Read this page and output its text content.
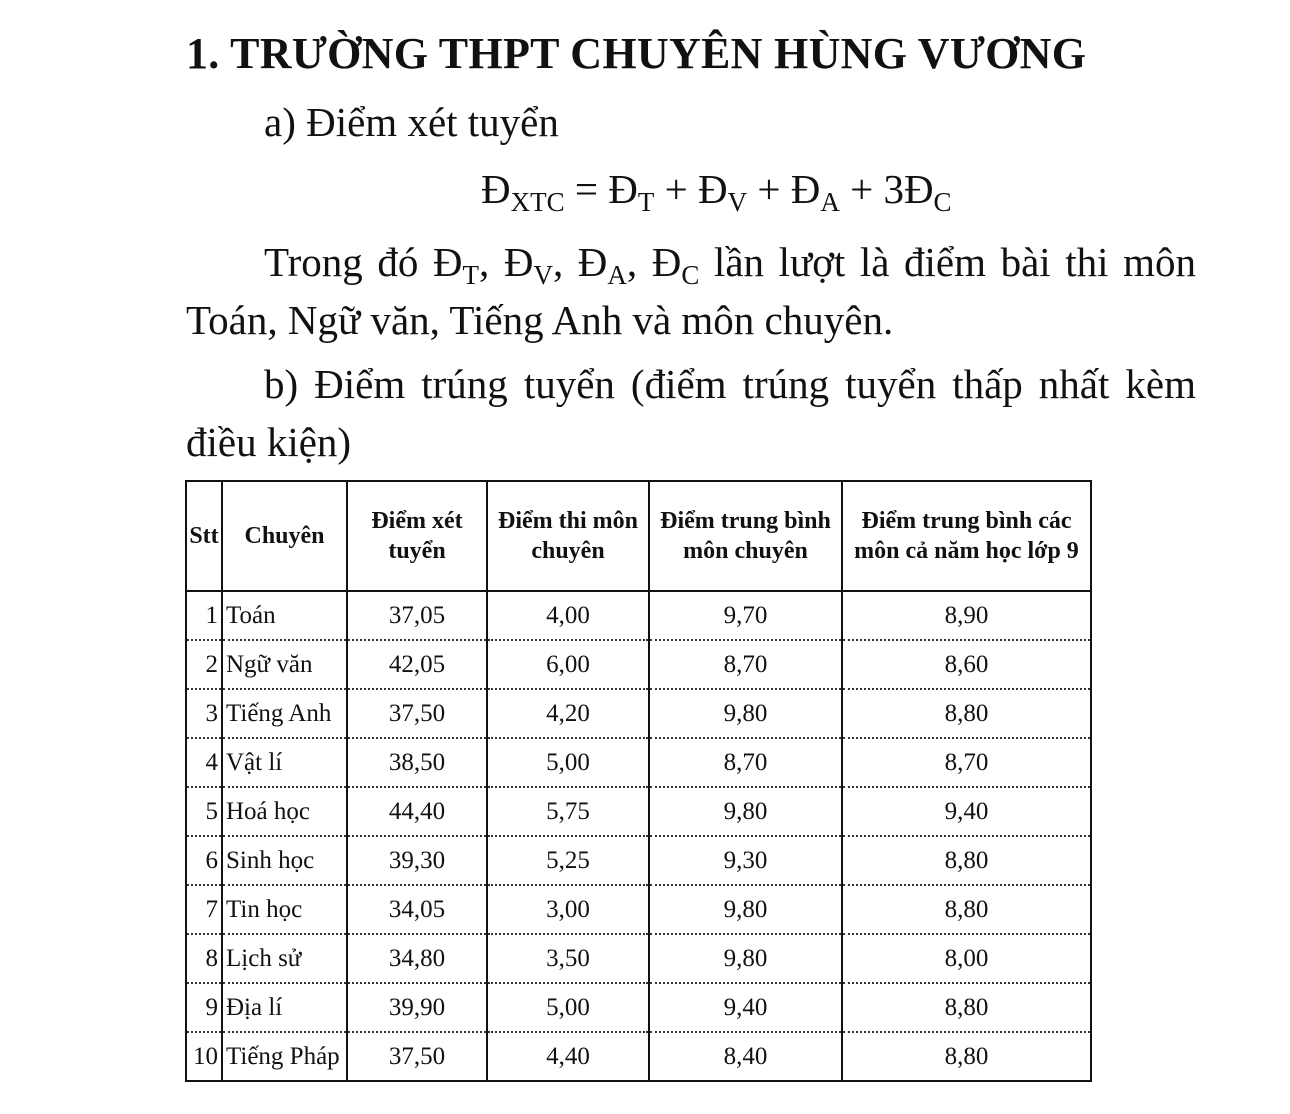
1. TRƯỜNG THPT CHUYÊN HÙNG VƯƠNG
a) Điểm xét tuyển
$Đ_{XTC}$ = $Đ_T$ + $Đ_V$ + $Đ_A$ + $3Đ_C$
Trong đó $Đ_T$, $Đ_V$, $Đ_A$, $Đ_C$ lần lượt là điểm bài thi môn Toán, Ngữ văn, Tiếng Anh và môn chuyên.
b) Điểm trúng tuyển (điểm trúng tuyển thấp nhất kèm điều kiện)
Stt	Chuyên	Điểm xét tuyển	Điểm thi môn chuyên	Điểm trung bình môn chuyên	Điểm trung bình các môn cả năm học lớp 9
1	Toán	37,05	4,00	9,70	8,90
2	Ngữ văn	42,05	6,00	8,70	8,60
3	Tiếng Anh	37,50	4,20	9,80	8,80
4	Vật lí	38,50	5,00	8,70	8,70
5	Hoá học	44,40	5,75	9,80	9,40
6	Sinh học	39,30	5,25	9,30	8,80
7	Tin học	34,05	3,00	9,80	8,80
8	Lịch sử	34,80	3,50	9,80	8,00
9	Địa lí	39,90	5,00	9,40	8,80
10	Tiếng Pháp	37,50	4,40	8,40	8,80
